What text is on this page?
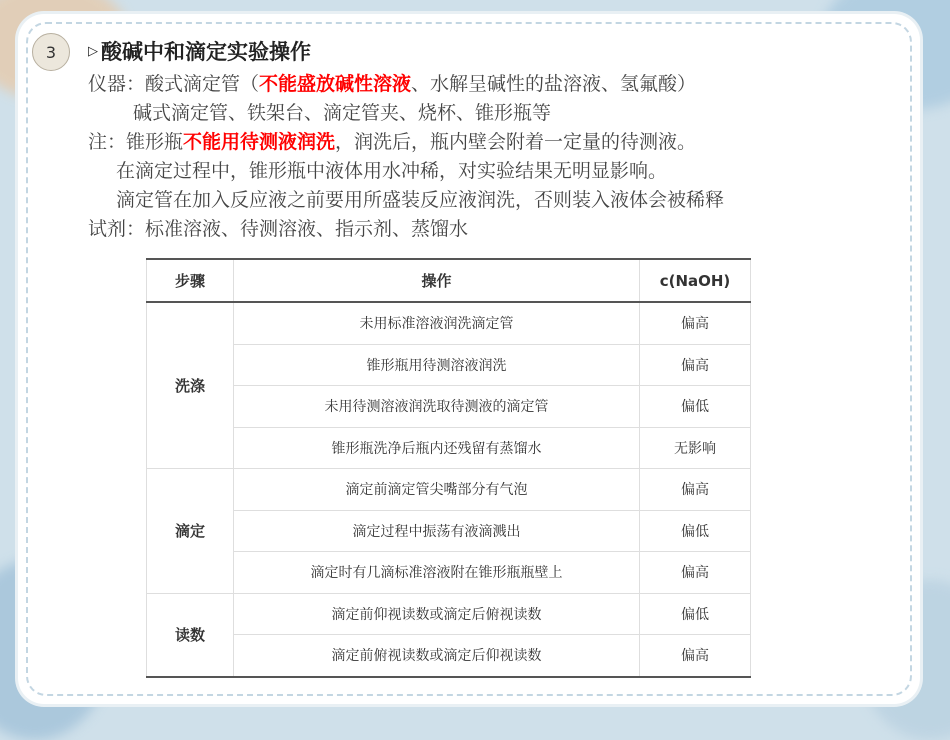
3 ▷ 酸碱中和滴定实验操作
仪器：酸式滴定管（不能盛放碱性溶液、水解呈碱性的盐溶液、氢氟酸）
碱式滴定管、铁架台、滴定管夹、烧杯、锥形瓶等
注：锥形瓶不能用待测液润洗，润洗后，瓶内壁会附着一定量的待测液。
在滴定过程中，锥形瓶中液体用水冲稀，对实验结果无明显影响。
滴定管在加入反应液之前要用所盛装反应液润洗，否则装入液体会被稀释
试剂：标准溶液、待测溶液、指示剂、蒸馏水
步骤	操作	c(NaOH)
洗涤	未用标准溶液润洗滴定管	偏高
	锥形瓶用待测溶液润洗	偏高
	未用待测溶液润洗取待测液的滴定管	偏低
	锥形瓶洗净后瓶内还残留有蒸馏水	无影响
滴定	滴定前滴定管尖嘴部分有气泡	偏高
	滴定过程中振荡有液滴溅出	偏低
	滴定时有几滴标准溶液附在锥形瓶瓶壁上	偏高
读数	滴定前仰视读数或滴定后俯视读数	偏低
	滴定前俯视读数或滴定后仰视读数	偏高
